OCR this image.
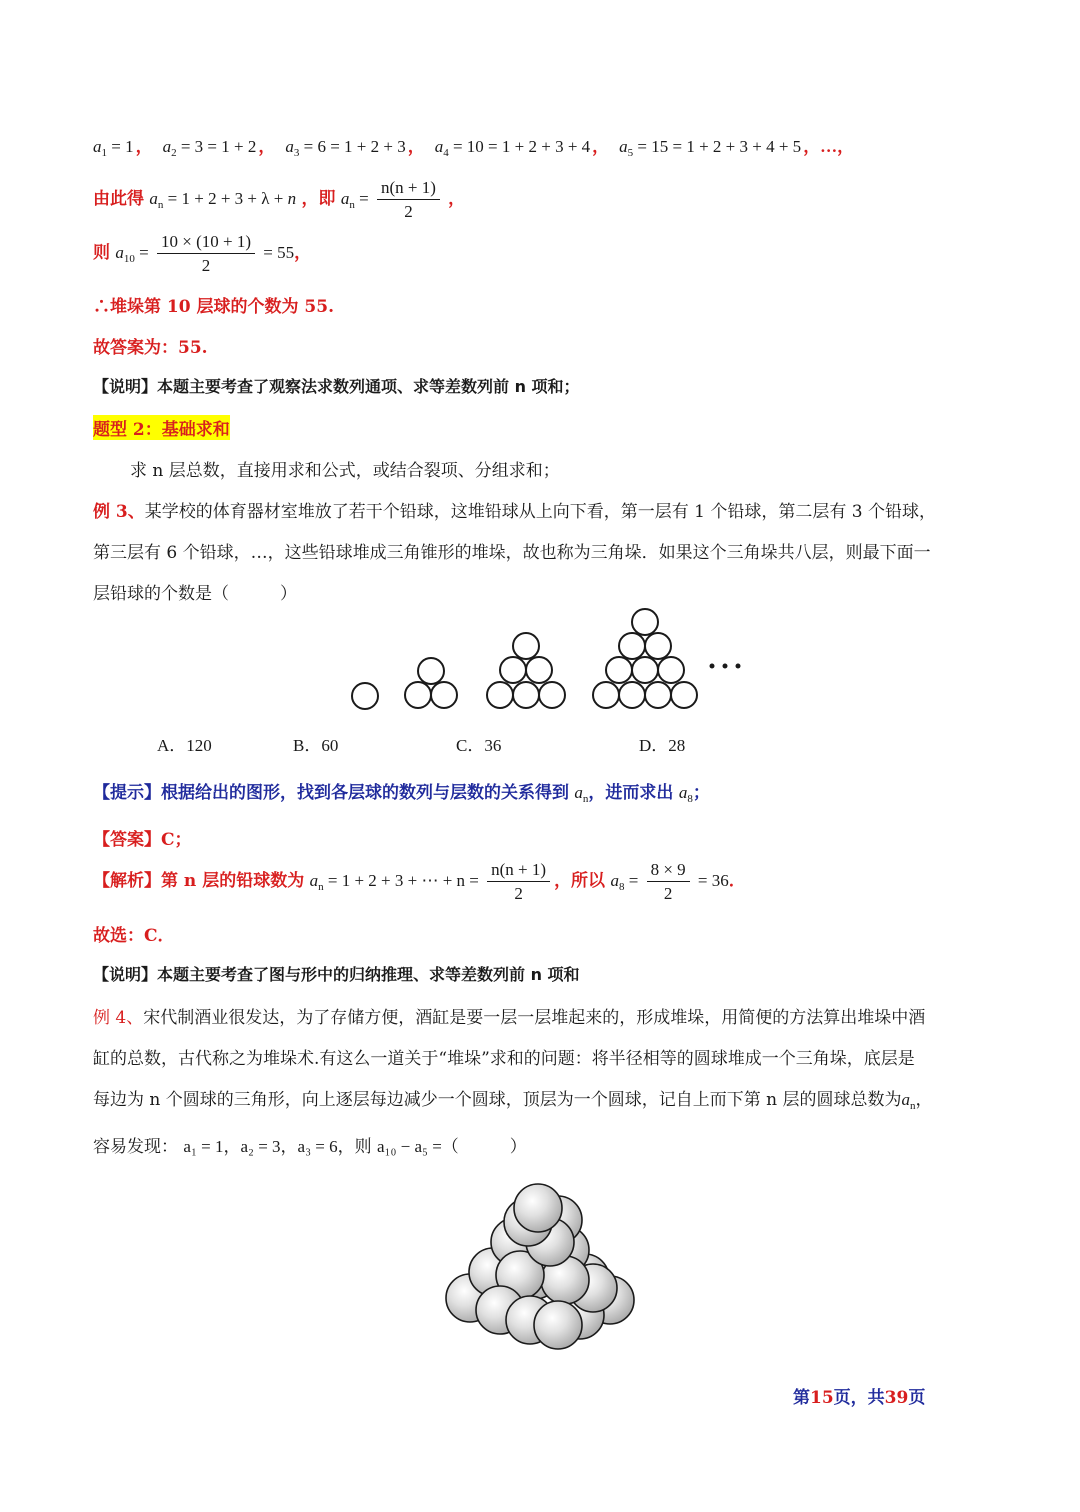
$a_1 = 1$ ， $a_2 = 3 = 1 + 2$ ， $a_3 = 6 = 1 + 2 + 3$ ， $a_4 = 10 = 1 + 2 + 3 + 4$ ， $a_5 = 15 = 1 + 2 + 3 + 4 + 5$ ，…，
由此得 $a_n = 1 + 2 + 3 + \lambda + n$ ，即 $a_n = \frac{n(n + 1)}{2}$ ，
则 $a_{10} = \frac{10 \times (10 + 1)}{2} = 55$，
∴堆垛第 10 层球的个数为 55.
故答案为：55.
【说明】本题主要考查了观察法求数列通项、求等差数列前 n 项和；
题型 2：基础求和
求 n 层总数，直接用求和公式，或结合裂项、分组求和；
例 3、某学校的体育器材室堆放了若干个铅球，这堆铅球从上向下看，第一层有 1 个铅球，第二层有 3 个铅球，
第三层有 6 个铅球，…，这些铅球堆成三角锥形的堆垛，故也称为三角垛．如果这个三角垛共八层，则最下面一
层铅球的个数是（　　　）
A．120	B．60	C．36	D．28
【提示】根据给出的图形，找到各层球的数列与层数的关系得到 $a_n$，进而求出 $a_8$；
【答案】C；
【解析】第 n 层的铅球数为 $a_n = 1 + 2 + 3$ + ⋯ + $n = \frac{n(n + 1)}{2}$ ，所以 $a_8 = \frac{8 \times 9}{2} = 36$．
故选：C．
【说明】本题主要考查了图与形中的归纳推理、求等差数列前 n 项和
例 4、宋代制酒业很发达，为了存储方便，酒缸是要一层一层堆起来的，形成堆垛，用简便的方法算出堆垛中酒
缸的总数，古代称之为堆垛术.有这么一道关于“堆垛”求和的问题：将半径相等的圆球堆成一个三角垛，底层是
每边为 n 个圆球的三角形，向上逐层每边减少一个圆球，顶层为一个圆球，记自上而下第 n 层的圆球总数为$a_n$，
容易发现： a₁ = 1，a₂ = 3，a₃ = 6，则 a₁₀ − a₅ =（　　　）
第15页，共39页
